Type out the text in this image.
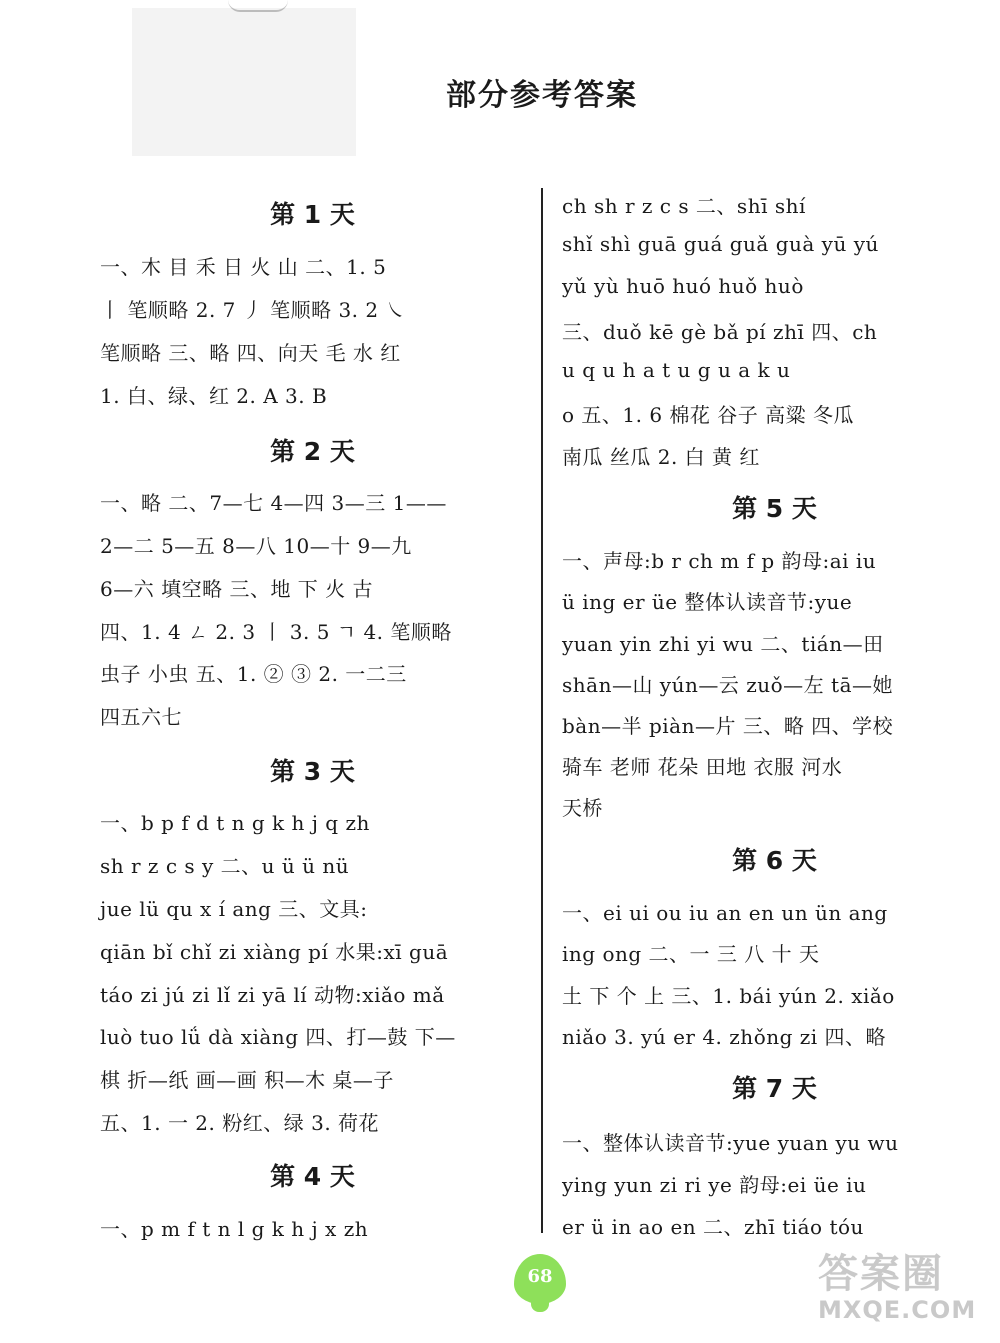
部分参考答案
第 1 天
一、木 目 禾 日 火 山 二、1. 5
丨 笔顺略 2. 7 丿 笔顺略 3. 2 ㇏
笔顺略 三、略 四、向天 毛 水 红
1. 白、绿、红 2. A 3. B
第 2 天
一、略 二、7—七 4—四 3—三 1——
2—二 5—五 8—八 10—十 9—九
6—六 填空略 三、地 下 火 古
四、1. 4 ㄥ 2. 3 丨 3. 5 ㄱ 4. 笔顺略
虫子 小虫 五、1. ② ③ 2. 一二三
四五六七
第 3 天
一、b p f d t n g k h j q zh
sh r z c s y 二、u ü ü nü
jue lü qu x í ang 三、文具:
qiān bǐ chǐ zi xiàng pí 水果:xī guā
táo zi jú zi lǐ zi yā lí 动物:xiǎo mǎ
luò tuo lǘ dà xiàng 四、打—鼓 下—
棋 折—纸 画—画 积—木 桌—子
五、1. 一 2. 粉红、绿 3. 荷花
第 4 天
一、p m f t n l g k h j x zh
ch sh r z c s 二、shī shí
shǐ shì guā guá guǎ guà yū yú
yǔ yù huō huó huǒ huò
三、duǒ kē gè bǎ pí zhī 四、ch
u q u h a t u g u a k u
o 五、1. 6 棉花 谷子 高粱 冬瓜
南瓜 丝瓜 2. 白 黄 红
第 5 天
一、声母:b r ch m f p 韵母:ai iu
ü ing er üe 整体认读音节:yue
yuan yin zhi yi wu 二、tián—田
shān—山 yún—云 zuǒ—左 tā—她
bàn—半 piàn—片 三、略 四、学校
骑车 老师 花朵 田地 衣服 河水
天桥
第 6 天
一、ei ui ou iu an en un ün ang
ing ong 二、一 三 八 十 天
土 下 个 上 三、1. bái yún 2. xiǎo
niǎo 3. yú er 4. zhǒng zi 四、略
第 7 天
一、整体认读音节:yue yuan yu wu
ying yun zi ri ye 韵母:ei üe iu
er ü in ao en 二、zhī tiáo tóu
68	答案圈
MXQE.COM
